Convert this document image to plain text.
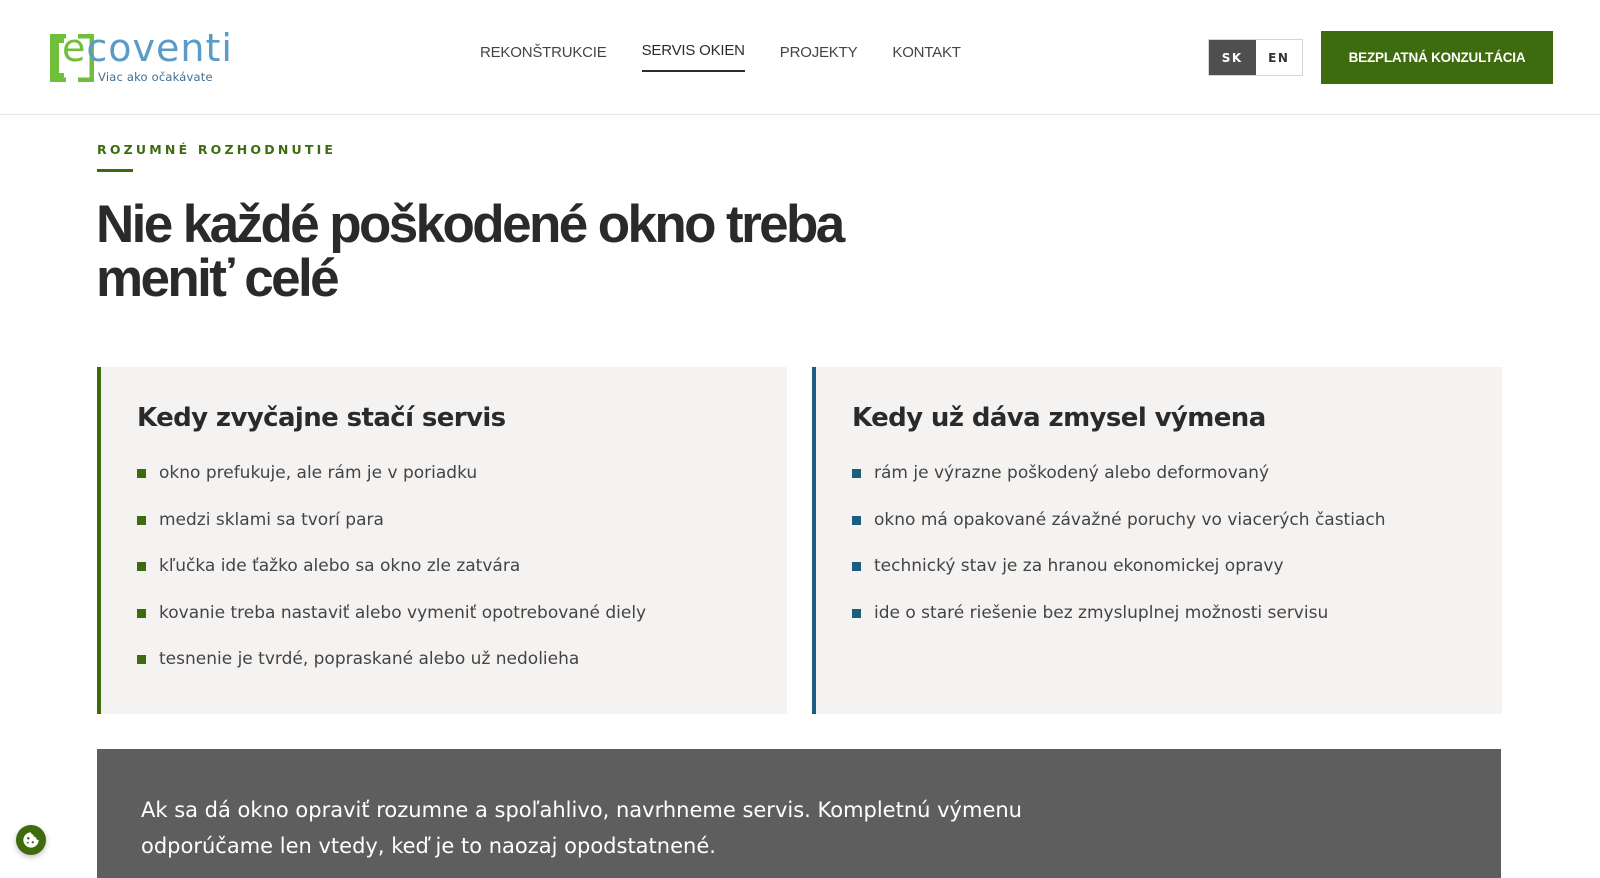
ecoventi
Viac ako očakávate
REKONŠTRUKCIE SERVIS OKIEN PROJEKTY KONTAKT	SK	EN	BEZPLATNÁ KONZULTÁCIA
ROZUMNÉ ROZHODNUTIE
Nie každé poškodené okno treba
meniť celé
Kedy zvyčajne stačí servis
okno prefukuje, ale rám je v poriadku
medzi sklami sa tvorí para
kľučka ide ťažko alebo sa okno zle zatvára
kovanie treba nastaviť alebo vymeniť opotrebované diely
tesnenie je tvrdé, popraskané alebo už nedolieha
Kedy už dáva zmysel výmena
rám je výrazne poškodený alebo deformovaný
okno má opakované závažné poruchy vo viacerých častiach
technický stav je za hranou ekonomickej opravy
ide o staré riešenie bez zmysluplnej možnosti servisu

Ak sa dá okno opraviť rozumne a spoľahlivo, navrhneme servis. Kompletnú výmenu
odporúčame len vtedy, keď je to naozaj opodstatnené.
